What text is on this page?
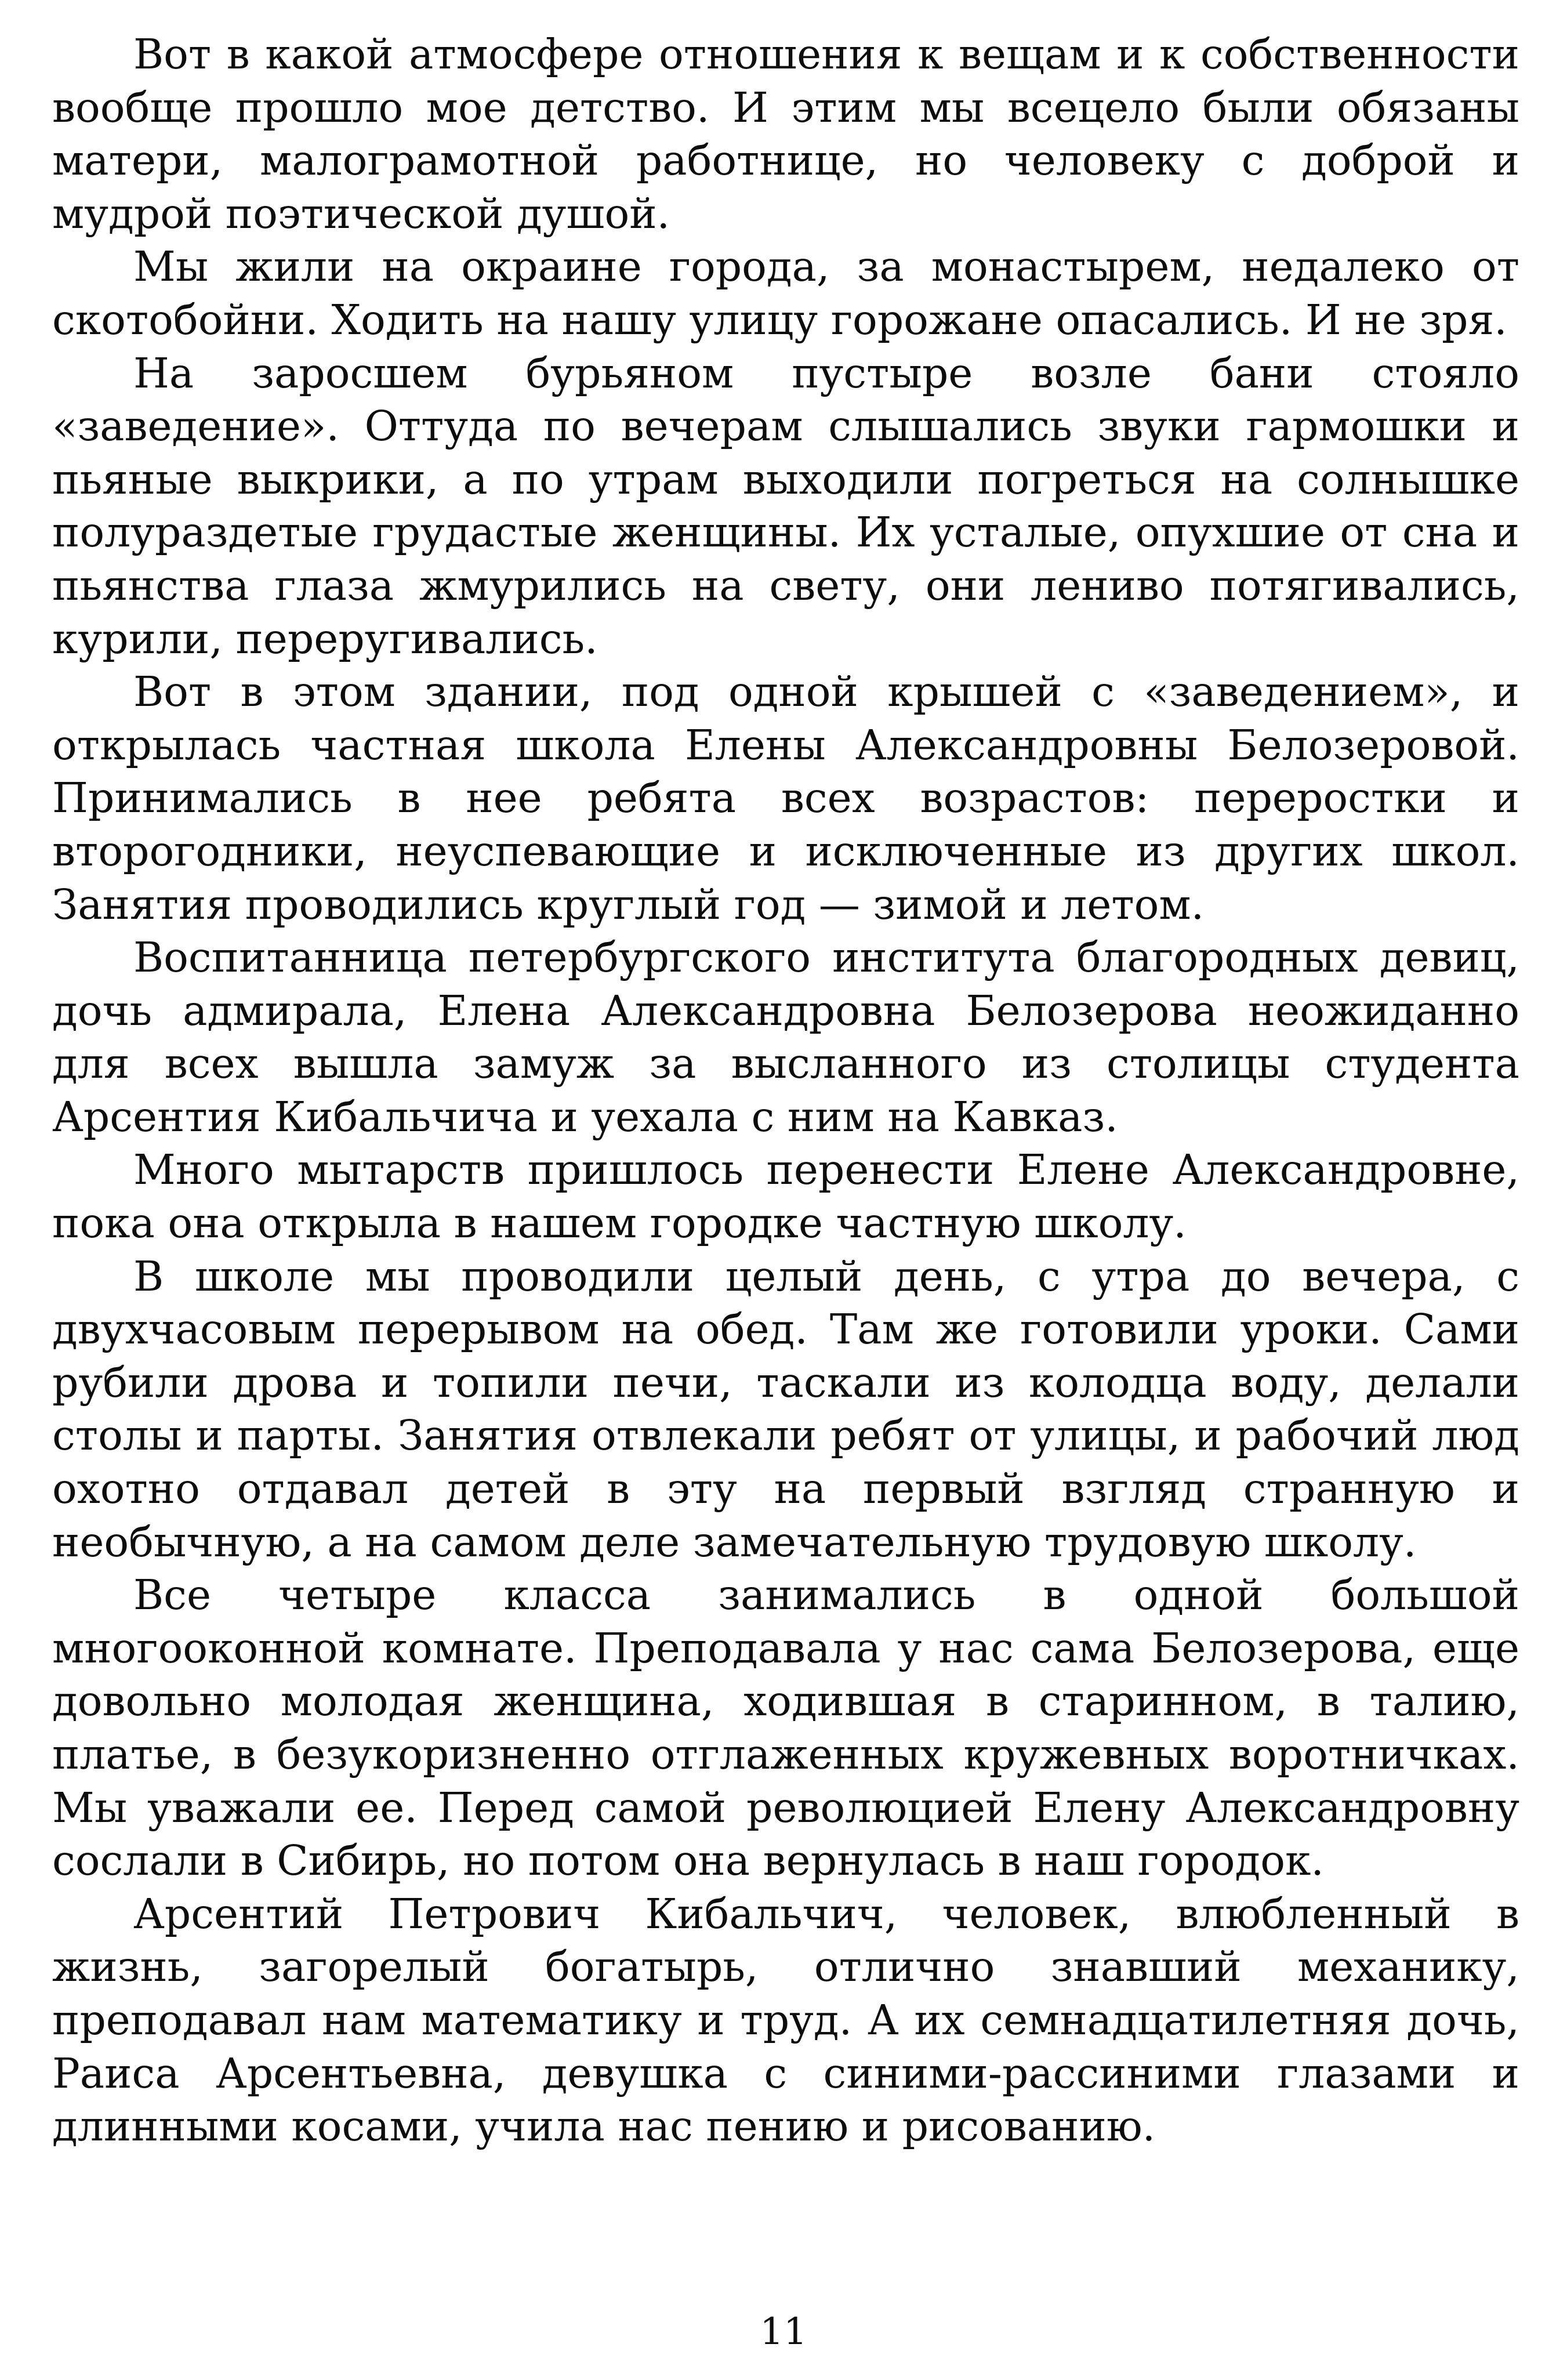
Вот в какой атмосфере отношения к вещам и к собственности вообще прошло мое детство. И этим мы всецело были обязаны матери, малограмотной работнице, но человеку с доброй и мудрой поэтической душой.

Мы жили на окраине города, за монастырем, недалеко от скотобойни. Ходить на нашу улицу горожане опасались. И не зря.

На заросшем бурьяном пустыре возле бани стояло «заведение». Оттуда по вечерам слышались звуки гармошки и пьяные выкрики, а по утрам выходили погреться на солнышке полураздетые грудастые женщины. Их усталые, опухшие от сна и пьянства глаза жмурились на свету, они лениво потягивались, курили, переругивались.

Вот в этом здании, под одной крышей с «заведением», и открылась частная школа Елены Александровны Белозеровой. Принимались в нее ребята всех возрастов: переростки и второгодники, неуспевающие и исключенные из других школ. Занятия проводились круглый год — зимой и летом.

Воспитанница петербургского института благородных девиц, дочь адмирала, Елена Александровна Белозерова неожиданно для всех вышла замуж за высланного из столицы студента Арсентия Кибальчича и уехала с ним на Кавказ.

Много мытарств пришлось перенести Елене Александровне, пока она открыла в нашем городке частную школу.

В школе мы проводили целый день, с утра до вечера, с двухчасовым перерывом на обед. Там же готовили уроки. Сами рубили дрова и топили печи, таскали из колодца воду, делали столы и парты. Занятия отвлекали ребят от улицы, и рабочий люд охотно отдавал детей в эту на первый взгляд странную и необычную, а на самом деле замечательную трудовую школу.

Все четыре класса занимались в одной большой многооконной комнате. Преподавала у нас сама Белозерова, еще довольно молодая женщина, ходившая в старинном, в талию, платье, в безукоризненно отглаженных кружевных воротничках. Мы уважали ее. Перед самой революцией Елену Александровну сослали в Сибирь, но потом она вернулась в наш городок.

Арсентий Петрович Кибальчич, человек, влюбленный в жизнь, загорелый богатырь, отлично знавший механику, преподавал нам математику и труд. А их семнадцатилетняя дочь, Раиса Арсентьевна, девушка с синими-рассиними глазами и длинными косами, учила нас пению и рисованию.

11
